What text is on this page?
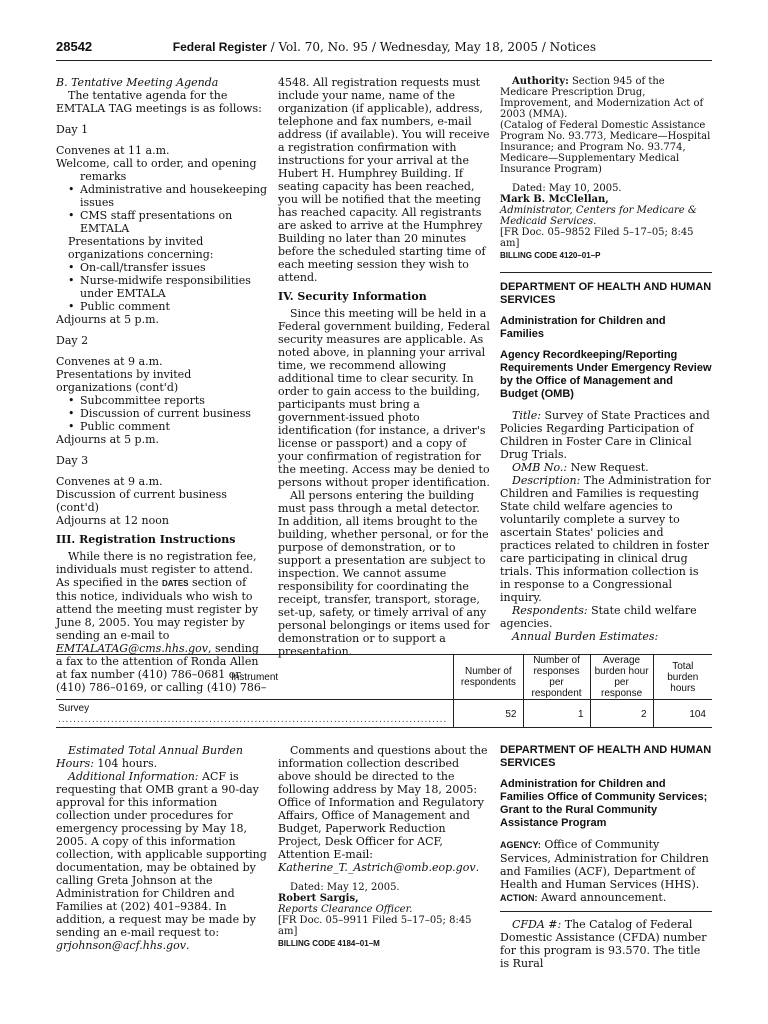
28542	Federal Register / Vol. 70, No. 95 / Wednesday, May 18, 2005 / Notices

B. Tentative Meeting Agenda

The tentative agenda for the EMTALA TAG meetings is as follows:

Day 1

Convenes at 11 a.m.

Welcome, call to order, and opening

remarks

• Administrative and housekeeping issues
• CMS staff presentations on EMTALA

Presentations by invited organizations concerning:

• On-call/transfer issues
• Nurse-midwife responsibilities under EMTALA
• Public comment

Adjourns at 5 p.m.

Day 2

Convenes at 9 a.m.

Presentations by invited organizations (cont'd)

• Subcommittee reports
• Discussion of current business
• Public comment

Adjourns at 5 p.m.

Day 3

Convenes at 9 a.m.

Discussion of current business (cont'd)

Adjourns at 12 noon

III. Registration Instructions

While there is no registration fee, individuals must register to attend. As specified in the DATES section of this notice, individuals who wish to attend the meeting must register by June 8, 2005. You may register by sending an e-mail to EMTALATAG@cms.hhs.gov, sending a fax to the attention of Ronda Allen at fax number (410) 786–0681 or (410) 786–0169, or calling (410) 786–

4548. All registration requests must include your name, name of the organization (if applicable), address, telephone and fax numbers, e-mail address (if available). You will receive a registration confirmation with instructions for your arrival at the Hubert H. Humphrey Building. If seating capacity has been reached, you will be notified that the meeting has reached capacity. All registrants are asked to arrive at the Humphrey Building no later than 20 minutes before the scheduled starting time of each meeting session they wish to attend.

IV. Security Information

Since this meeting will be held in a Federal government building, Federal security measures are applicable. As noted above, in planning your arrival time, we recommend allowing additional time to clear security. In order to gain access to the building, participants must bring a government-issued photo identification (for instance, a driver's license or passport) and a copy of your confirmation of registration for the meeting. Access may be denied to persons without proper identification.

All persons entering the building must pass through a metal detector. In addition, all items brought to the building, whether personal, or for the purpose of demonstration, or to support a presentation are subject to inspection. We cannot assume responsibility for coordinating the receipt, transfer, transport, storage, set-up, safety, or timely arrival of any personal belongings or items used for demonstration or to support a presentation.

Authority: Section 945 of the Medicare Prescription Drug, Improvement, and Modernization Act of 2003 (MMA).

(Catalog of Federal Domestic Assistance Program No. 93.773, Medicare—Hospital Insurance; and Program No. 93.774, Medicare—Supplementary Medical Insurance Program)

Dated: May 10, 2005.

Mark B. McClellan,

Administrator, Centers for Medicare & Medicaid Services.

[FR Doc. 05–9852 Filed 5–17–05; 8:45 am]

BILLING CODE 4120–01–P

DEPARTMENT OF HEALTH AND HUMAN SERVICES

Administration for Children and Families

Agency Recordkeeping/Reporting Requirements Under Emergency Review by the Office of Management and Budget (OMB)

Title: Survey of State Practices and Policies Regarding Participation of Children in Foster Care in Clinical Drug Trials.

OMB No.: New Request.

Description: The Administration for Children and Families is requesting State child welfare agencies to voluntarily complete a survey to ascertain States' policies and practices related to children in foster care participating in clinical drug trials. This information collection is in response to a Congressional inquiry.

Respondents: State child welfare agencies.

Annual Burden Estimates:

Instrument	Number of respondents	Number of responses per respondent	Average burden hour per response	Total burden hours
Survey .......................................................................................................	52	1	2	104

Estimated Total Annual Burden Hours: 104 hours.

Additional Information: ACF is requesting that OMB grant a 90-day approval for this information collection under procedures for emergency processing by May 18, 2005. A copy of this information collection, with applicable supporting documentation, may be obtained by calling Greta Johnson at the Administration for Children and Families at (202) 401–9384. In addition, a request may be made by sending an e-mail request to: grjohnson@acf.hhs.gov.

Comments and questions about the information collection described above should be directed to the following address by May 18, 2005: Office of Information and Regulatory Affairs, Office of Management and Budget, Paperwork Reduction Project, Desk Officer for ACF, Attention E-mail: Katherine_T._Astrich@omb.eop.gov.

Dated: May 12, 2005.

Robert Sargis,

Reports Clearance Officer.

[FR Doc. 05–9911 Filed 5–17–05; 8:45 am]

BILLING CODE 4184–01–M

DEPARTMENT OF HEALTH AND HUMAN SERVICES

Administration for Children and Families Office of Community Services; Grant to the Rural Community Assistance Program

AGENCY: Office of Community Services, Administration for Children and Families (ACF), Department of Health and Human Services (HHS).

ACTION: Award announcement.

CFDA #: The Catalog of Federal Domestic Assistance (CFDA) number for this program is 93.570. The title is Rural
